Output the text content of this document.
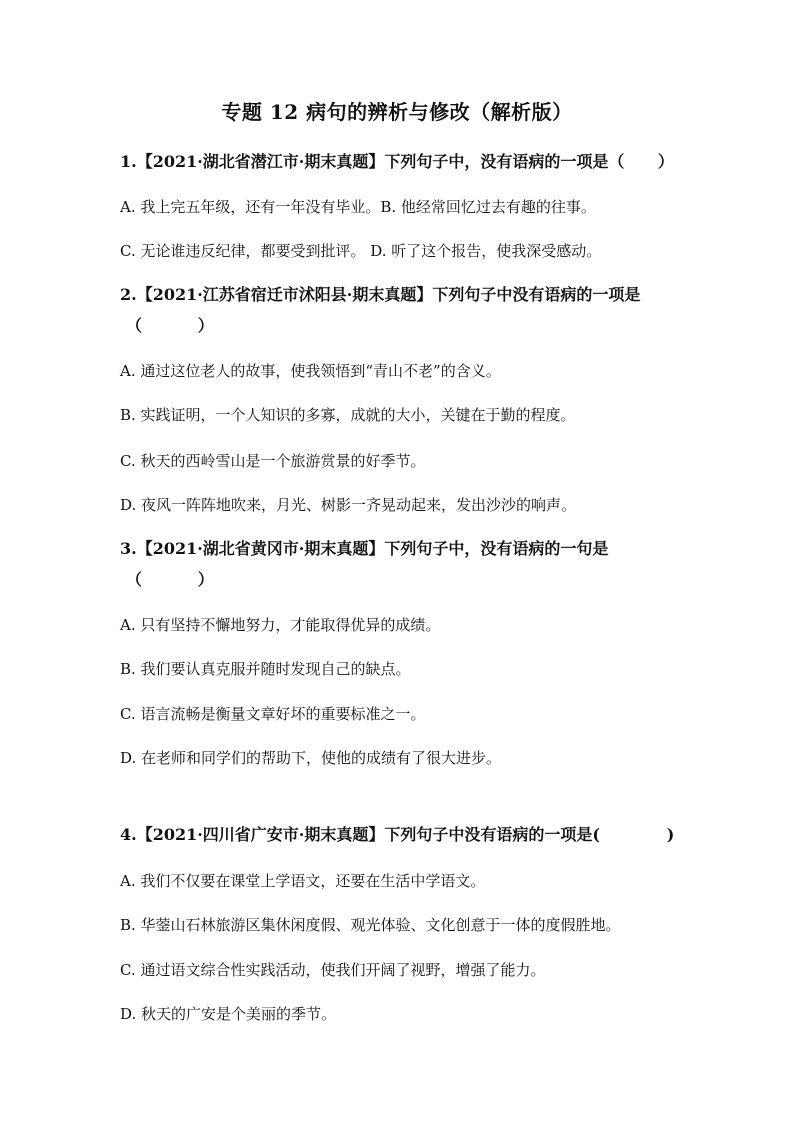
专题 12 病句的辨析与修改（解析版）
1.【2021·湖北省潜江市·期末真题】下列句子中，没有语病的一项是（      ）
A. 我上完五年级，还有一年没有毕业。B. 他经常回忆过去有趣的往事。
C. 无论谁违反纪律，都要受到批评。 D. 听了这个报告，使我深受感动。
2.【2021·江苏省宿迁市沭阳县·期末真题】下列句子中没有语病的一项是
（          ）
A. 通过这位老人的故事，使我领悟到“青山不老”的含义。
B. 实践证明，一个人知识的多寡，成就的大小，关键在于勤的程度。
C. 秋天的西岭雪山是一个旅游赏景的好季节。
D. 夜风一阵阵地吹来，月光、树影一齐晃动起来，发出沙沙的响声。
3.【2021·湖北省黄冈市·期末真题】下列句子中，没有语病的一句是
（          ）
A. 只有坚持不懈地努力，才能取得优异的成绩。
B. 我们要认真克服并随时发现自己的缺点。
C. 语言流畅是衡量文章好坏的重要标准之一。
D. 在老师和同学们的帮助下，使他的成绩有了很大进步。
4.【2021·四川省广安市·期末真题】下列句子中没有语病的一项是(            )
A. 我们不仅要在课堂上学语文，还要在生活中学语文。
B. 华蓥山石林旅游区集休闲度假、观光体验、文化创意于一体的度假胜地。
C. 通过语文综合性实践活动，使我们开阔了视野，增强了能力。
D. 秋天的广安是个美丽的季节。
